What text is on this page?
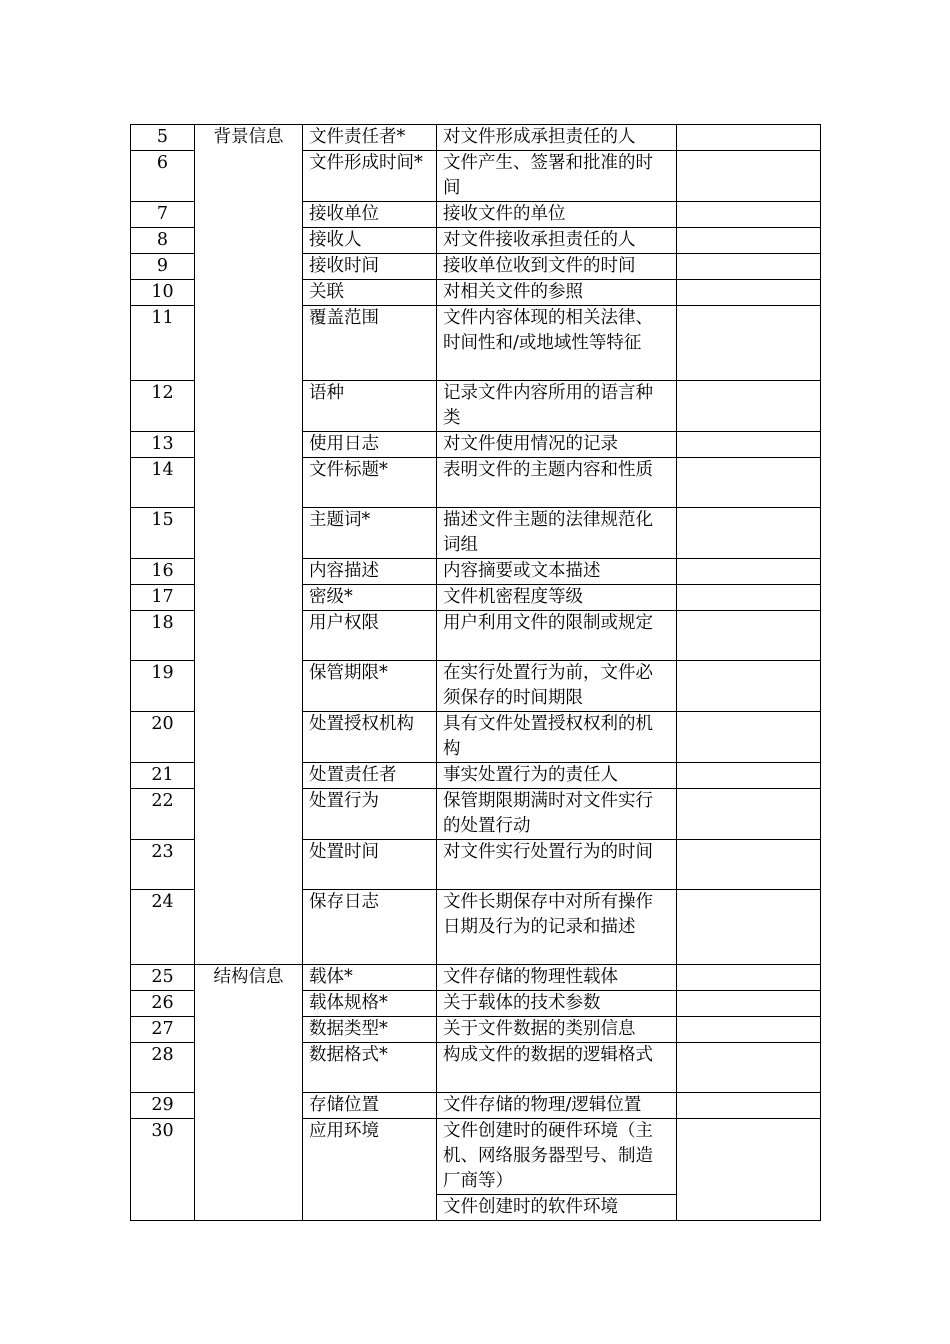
5	背景信息	文件责任者*	对文件形成承担责任的人	
6		文件形成时间*	文件产生、签署和批准的时间	
7		接收单位	接收文件的单位	
8		接收人	对文件接收承担责任的人	
9		接收时间	接收单位收到文件的时间	
10		关联	对相关文件的参照	
11		覆盖范围	文件内容体现的相关法律、时间性和/或地域性等特征	
12		语种	记录文件内容所用的语言种类	
13		使用日志	对文件使用情况的记录	
14		文件标题*	表明文件的主题内容和性质	
15		主题词*	描述文件主题的法律规范化词组	
16		内容描述	内容摘要或文本描述	
17		密级*	文件机密程度等级	
18		用户权限	用户利用文件的限制或规定	
19		保管期限*	在实行处置行为前，文件必须保存的时间期限	
20		处置授权机构	具有文件处置授权权利的机构	
21		处置责任者	事实处置行为的责任人	
22		处置行为	保管期限期满时对文件实行的处置行动	
23		处置时间	对文件实行处置行为的时间	
24		保存日志	文件长期保存中对所有操作日期及行为的记录和描述	
25	结构信息	载体*	文件存储的物理性载体	
26		载体规格*	关于载体的技术参数	
27		数据类型*	关于文件数据的类别信息	
28		数据格式*	构成文件的数据的逻辑格式	
29		存储位置	文件存储的物理/逻辑位置	
30		应用环境	文件创建时的硬件环境（主机、网络服务器型号、制造厂商等）	
			文件创建时的软件环境	
